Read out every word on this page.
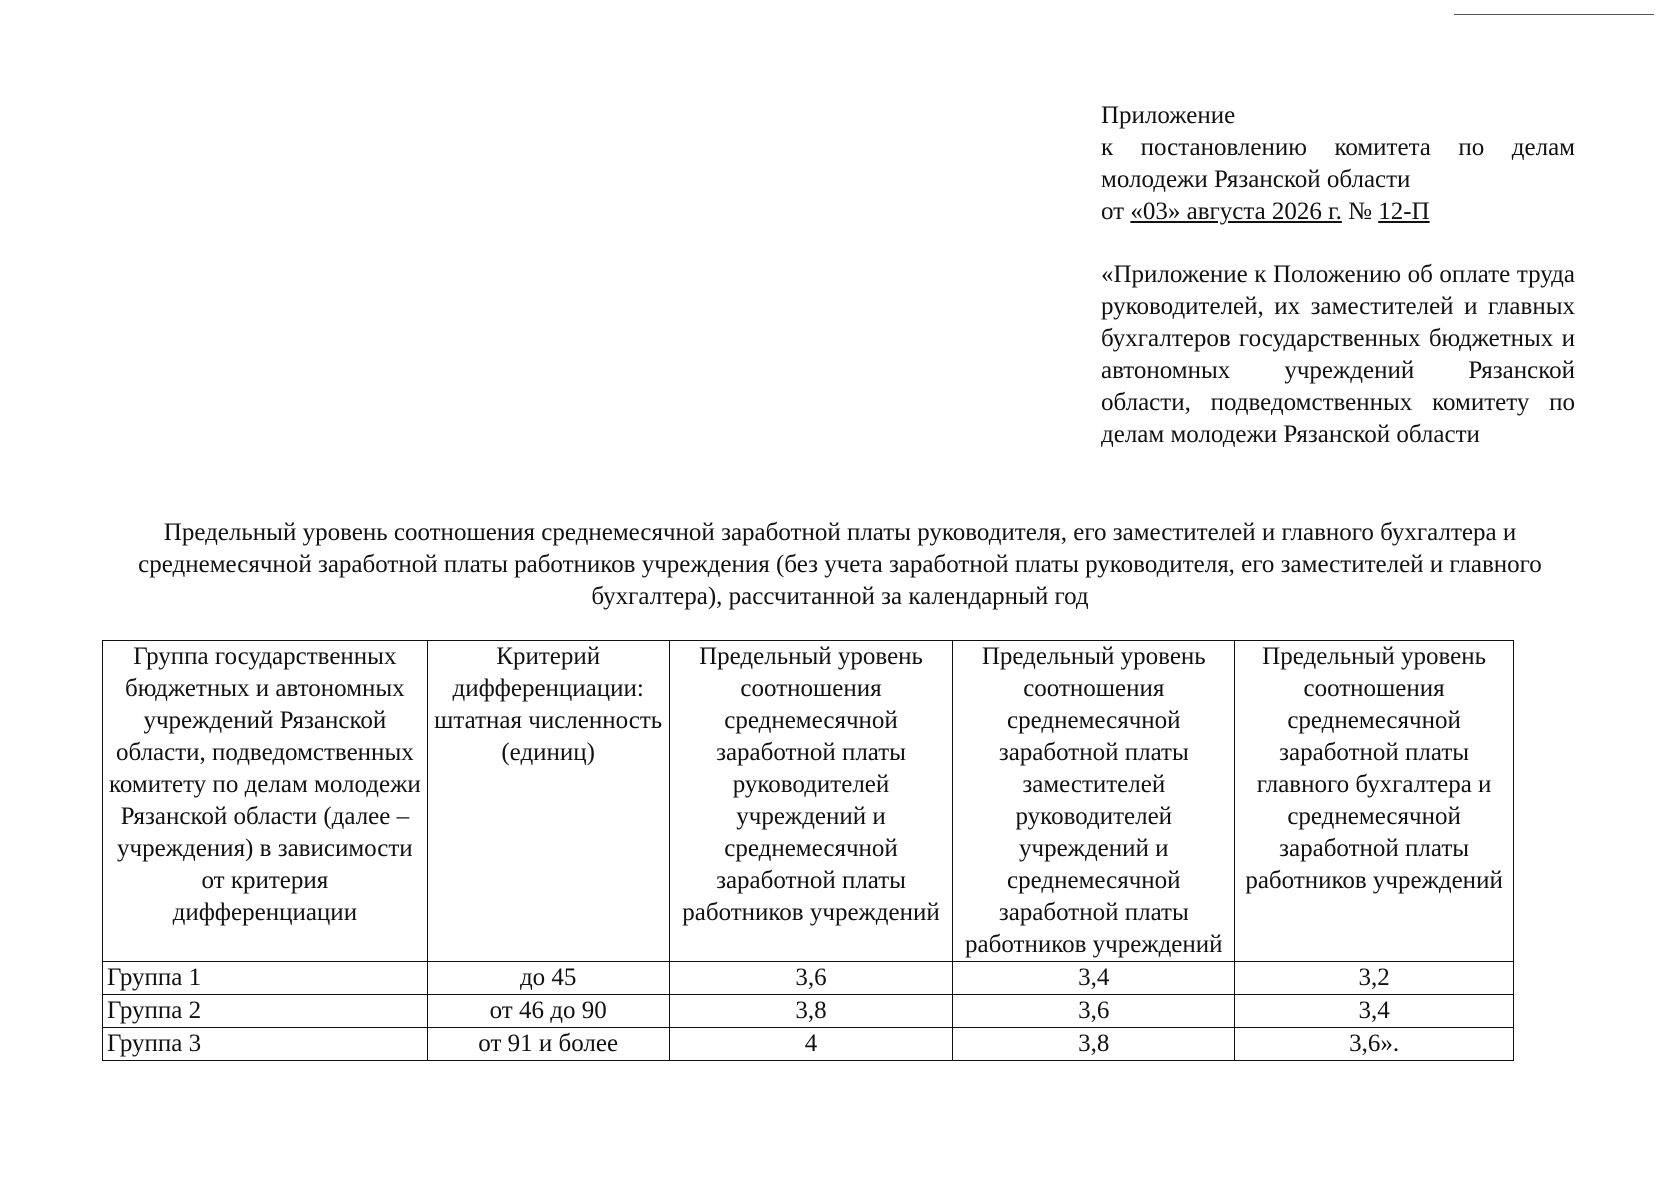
Приложение
к постановлению комитета по делам
молодежи Рязанской области
от «03» августа 2026 г. № 12-П
«Приложение к Положению об оплате труда руководителей, их заместителей и главных бухгалтеров государственных бюджетных и автономных учреждений Рязанской области, подведомственных комитету по делам молодежи Рязанской области
Предельный уровень соотношения среднемесячной заработной платы руководителя, его заместителей и главного бухгалтера и среднемесячной заработной платы работников учреждения (без учета заработной платы руководителя, его заместителей и главного бухгалтера), рассчитанной за календарный год
Группа государственных бюджетных и автономных учреждений Рязанской области, подведомственных комитету по делам молодежи Рязанской области (далее – учреждения) в зависимости от критерия дифференциации	Критерий дифференциации: штатная численность (единиц)	Предельный уровень соотношения среднемесячной заработной платы руководителей учреждений и среднемесячной заработной платы работников учреждений	Предельный уровень соотношения среднемесячной заработной платы заместителей руководителей учреждений и среднемесячной заработной платы работников учреждений	Предельный уровень соотношения среднемесячной заработной платы главного бухгалтера и среднемесячной заработной платы работников учреждений
Группа 1	до 45	3,6	3,4	3,2
Группа 2	от 46 до 90	3,8	3,6	3,4
Группа 3	от 91 и более	4	3,8	3,6».
